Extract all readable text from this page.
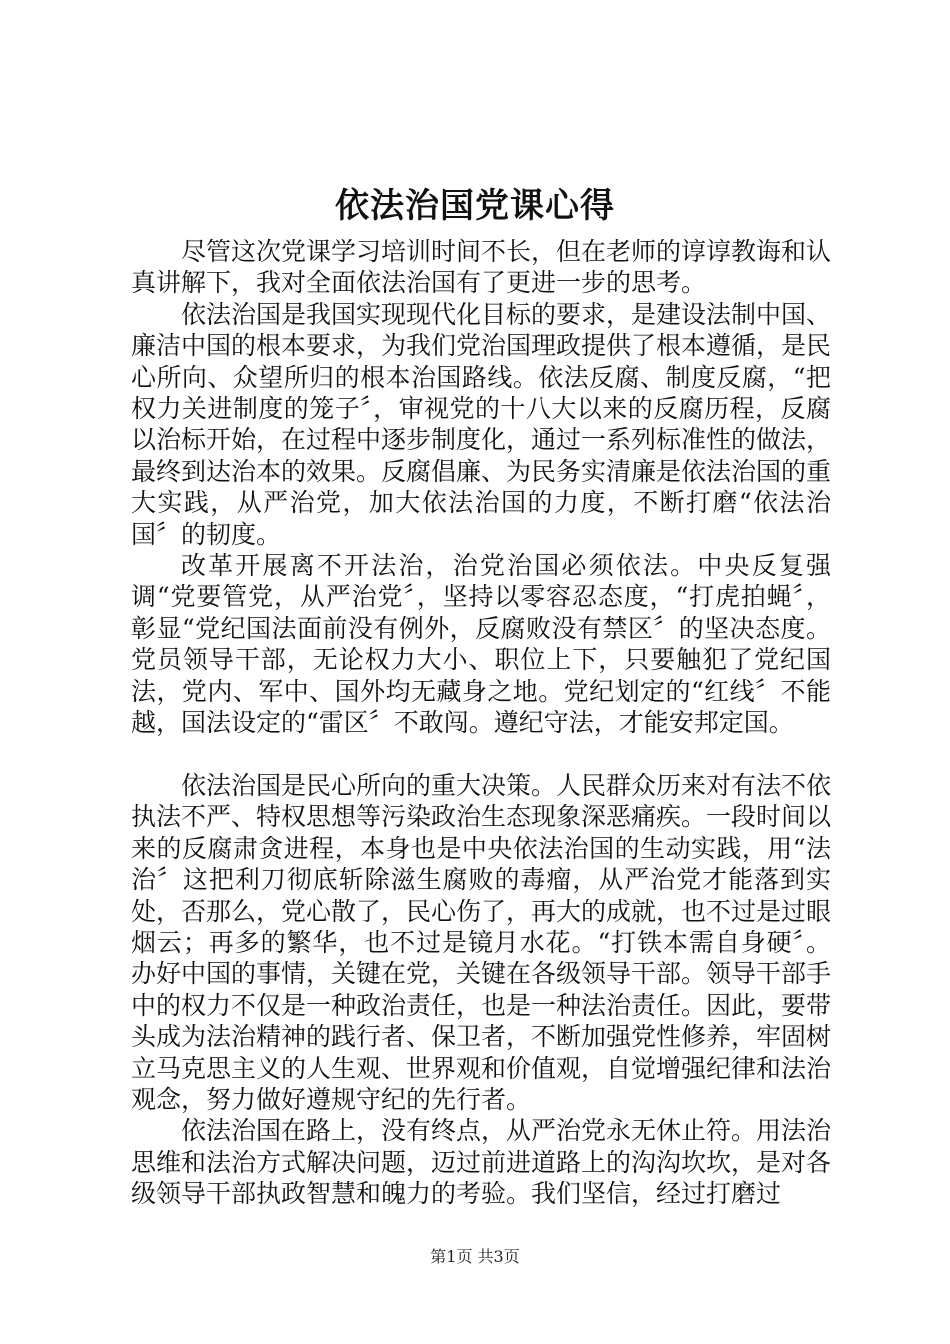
依法治国党课心得

尽管这次党课学习培训时间不长，但在老师的谆谆教诲和认真讲解下，我对全面依法治国有了更进一步的思考。

依法治国是我国实现现代化目标的要求，是建设法制中国、廉洁中国的根本要求，为我们党治国理政提供了根本遵循，是民心所向、众望所归的根本治国路线。依法反腐、制度反腐，“把权力关进制度的笼子〞，审视党的十八大以来的反腐历程，反腐以治标开始，在过程中逐步制度化，通过一系列标准性的做法，最终到达治本的效果。反腐倡廉、为民务实清廉是依法治国的重大实践，从严治党，加大依法治国的力度，不断打磨“依法治国〞的韧度。

改革开展离不开法治，治党治国必须依法。中央反复强调“党要管党，从严治党〞，坚持以零容忍态度，“打虎拍蝇〞，彰显“党纪国法面前没有例外，反腐败没有禁区〞的坚决态度。党员领导干部，无论权力大小、职位上下，只要触犯了党纪国法，党内、军中、国外均无藏身之地。党纪划定的“红线〞不能越，国法设定的“雷区〞不敢闯。遵纪守法，才能安邦定国。

依法治国是民心所向的重大决策。人民群众历来对有法不依执法不严、特权思想等污染政治生态现象深恶痛疾。一段时间以来的反腐肃贪进程，本身也是中央依法治国的生动实践，用“法治〞这把利刀彻底斩除滋生腐败的毒瘤，从严治党才能落到实处，否那么，党心散了，民心伤了，再大的成就，也不过是过眼烟云；再多的繁华，也不过是镜月水花。“打铁本需自身硬〞。办好中国的事情，关键在党，关键在各级领导干部。领导干部手中的权力不仅是一种政治责任，也是一种法治责任。因此，要带头成为法治精神的践行者、保卫者，不断加强党性修养，牢固树立马克思主义的人生观、世界观和价值观，自觉增强纪律和法治观念，努力做好遵规守纪的先行者。

依法治国在路上，没有终点，从严治党永无休止符。用法治思维和法治方式解决问题，迈过前进道路上的沟沟坎坎，是对各级领导干部执政智慧和魄力的考验。我们坚信，经过打磨过

第1页 共3页
